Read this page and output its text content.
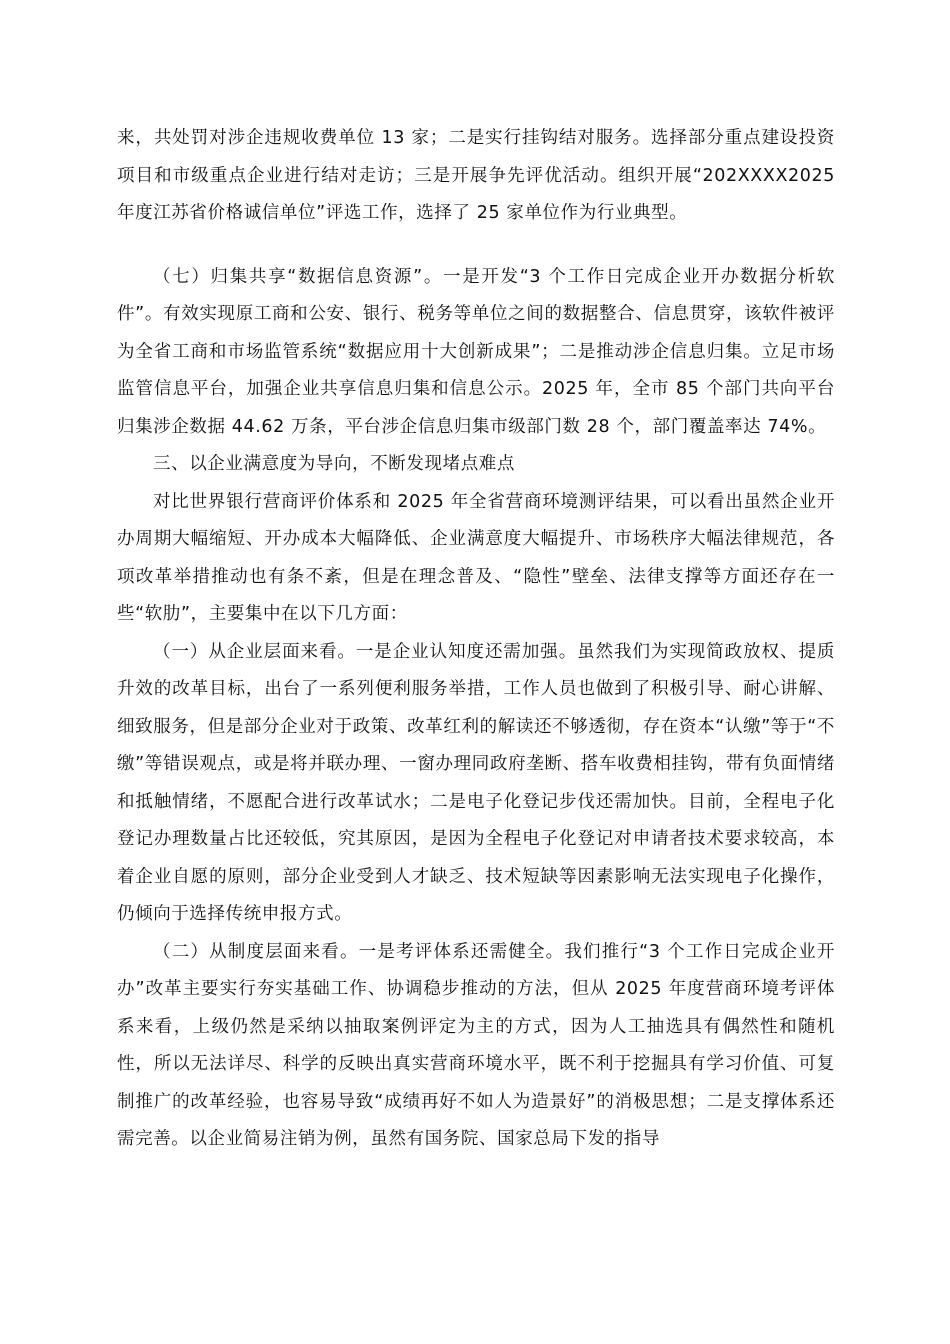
来，共处罚对涉企违规收费单位 13 家；二是实行挂钩结对服务。选择部分重点建设投资项目和市级重点企业进行结对走访；三是开展争先评优活动。组织开展“202XXXX2025 年度江苏省价格诚信单位”评选工作，选择了 25 家单位作为行业典型。

（七）归集共享“数据信息资源”。一是开发“3 个工作日完成企业开办数据分析软件”。有效实现原工商和公安、银行、税务等单位之间的数据整合、信息贯穿，该软件被评为全省工商和市场监管系统“数据应用十大创新成果”；二是推动涉企信息归集。立足市场监管信息平台，加强企业共享信息归集和信息公示。2025 年，全市 85 个部门共向平台归集涉企数据 44.62 万条，平台涉企信息归集市级部门数 28 个，部门覆盖率达 74%。

三、以企业满意度为导向，不断发现堵点难点

对比世界银行营商评价体系和 2025 年全省营商环境测评结果，可以看出虽然企业开办周期大幅缩短、开办成本大幅降低、企业满意度大幅提升、市场秩序大幅法律规范，各项改革举措推动也有条不紊，但是在理念普及、“隐性”壁垒、法律支撑等方面还存在一些“软肋”，主要集中在以下几方面：

（一）从企业层面来看。一是企业认知度还需加强。虽然我们为实现简政放权、提质升效的改革目标，出台了一系列便利服务举措，工作人员也做到了积极引导、耐心讲解、细致服务，但是部分企业对于政策、改革红利的解读还不够透彻，存在资本“认缴”等于“不缴”等错误观点，或是将并联办理、一窗办理同政府垄断、搭车收费相挂钩，带有负面情绪和抵触情绪，不愿配合进行改革试水；二是电子化登记步伐还需加快。目前，全程电子化登记办理数量占比还较低，究其原因，是因为全程电子化登记对申请者技术要求较高，本着企业自愿的原则，部分企业受到人才缺乏、技术短缺等因素影响无法实现电子化操作，仍倾向于选择传统申报方式。

（二）从制度层面来看。一是考评体系还需健全。我们推行“3 个工作日完成企业开办”改革主要实行夯实基础工作、协调稳步推动的方法，但从 2025 年度营商环境考评体系来看，上级仍然是采纳以抽取案例评定为主的方式，因为人工抽选具有偶然性和随机性，所以无法详尽、科学的反映出真实营商环境水平，既不利于挖掘具有学习价值、可复制推广的改革经验，也容易导致“成绩再好不如人为造景好”的消极思想；二是支撑体系还需完善。以企业简易注销为例，虽然有国务院、国家总局下发的指导
